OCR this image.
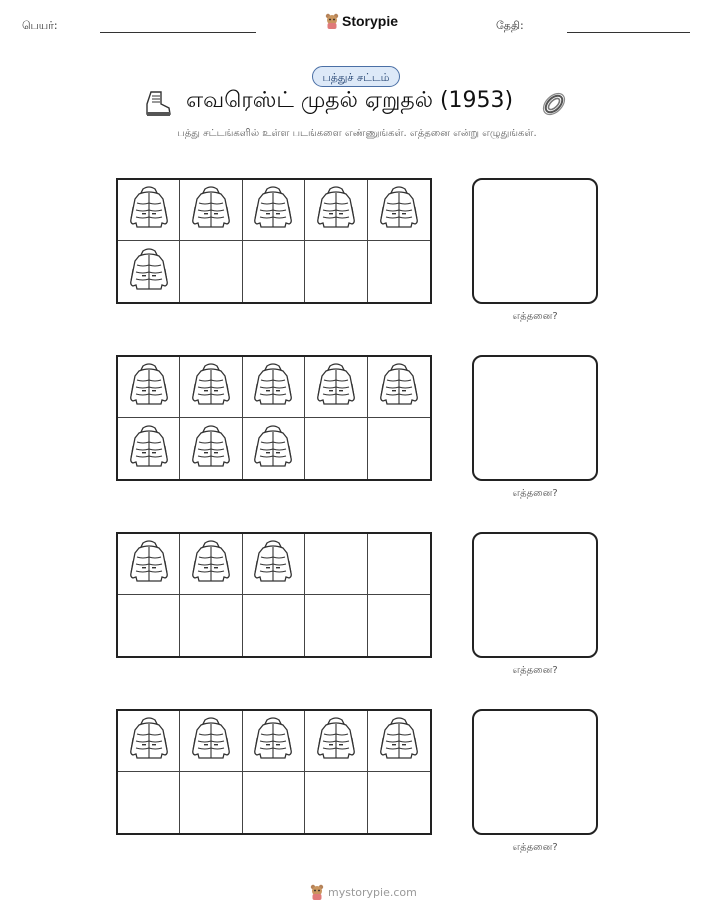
பெயர்:	Storypie	தேதி:
பத்துச் சட்டம்
எவரெஸ்ட் முதல் ஏறுதல் (1953)
பத்து சட்டங்களில் உள்ள படங்களை எண்ணுங்கள். எத்தனை என்று எழுதுங்கள்.
எத்தனை?
எத்தனை?
எத்தனை?
எத்தனை?
mystorypie.com
